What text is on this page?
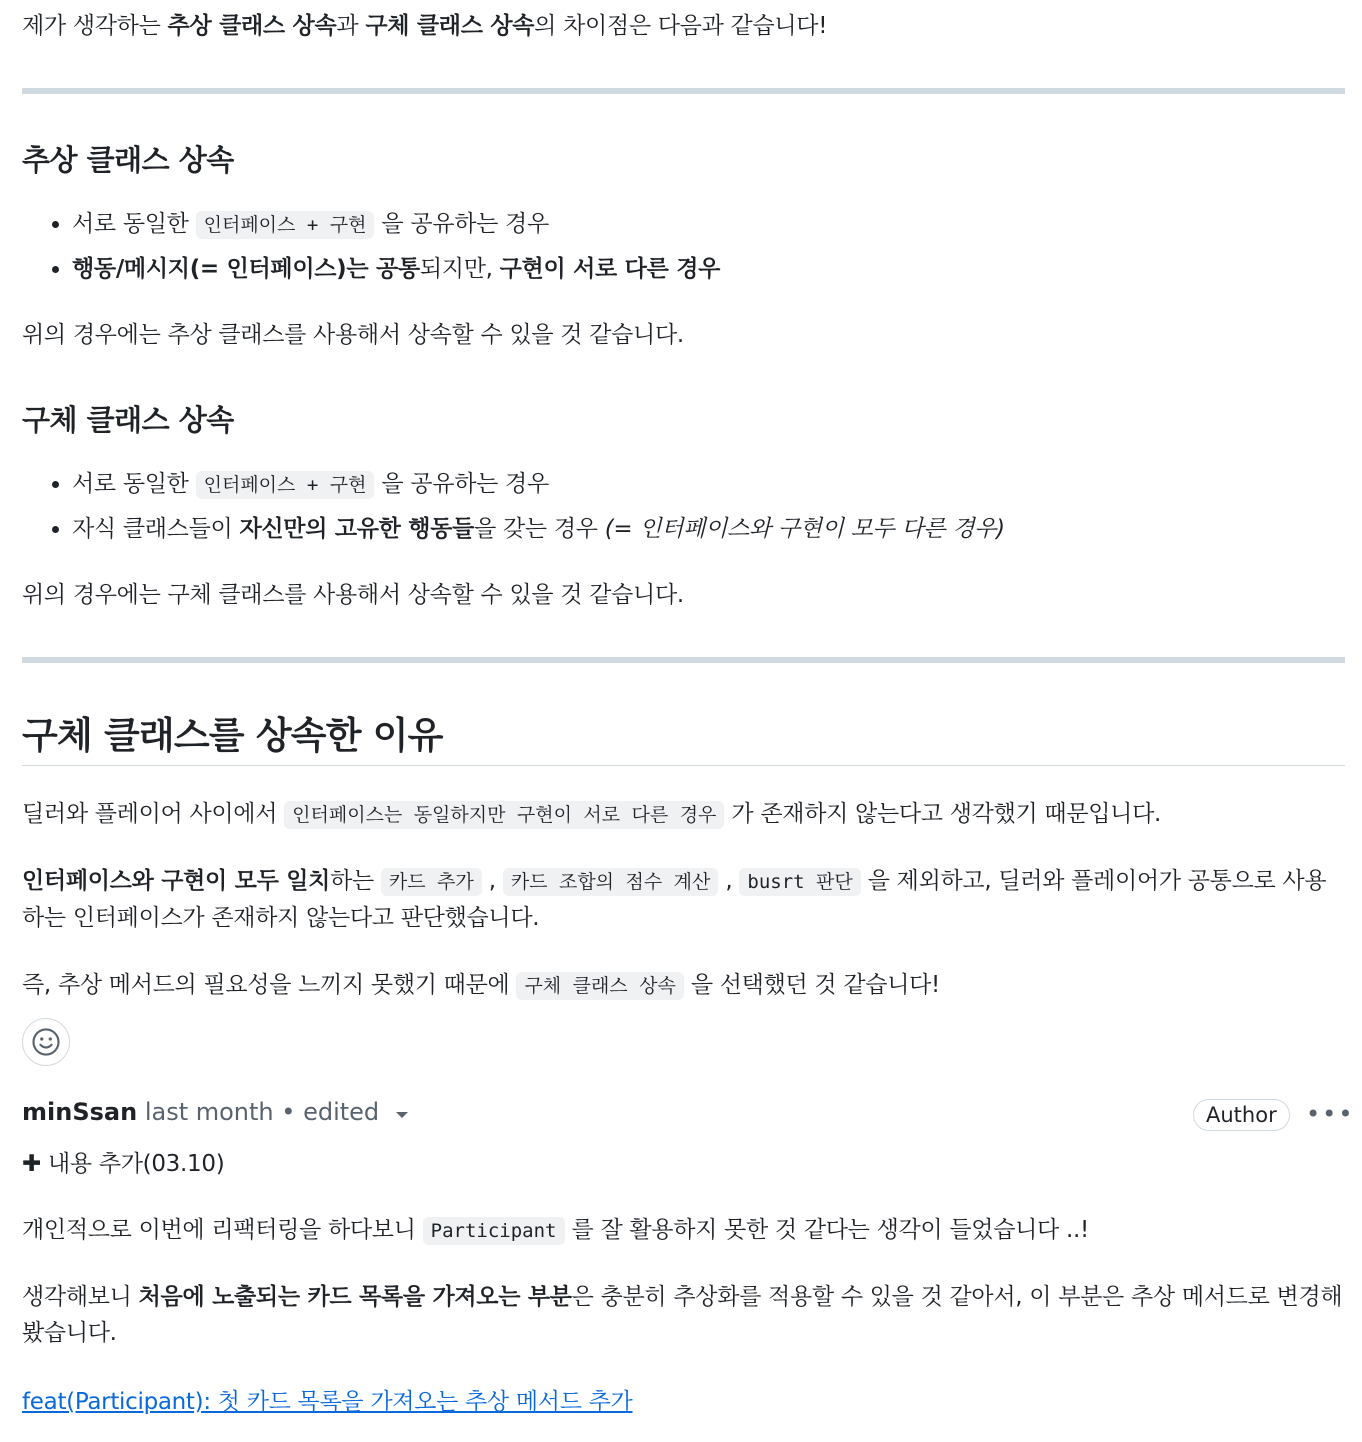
제가 생각하는 추상 클래스 상속과 구체 클래스 상속의 차이점은 다음과 같습니다!

추상 클래스 상속
• 서로 동일한 인터페이스 + 구현 을 공유하는 경우
• 행동/메시지(= 인터페이스)는 공통되지만, 구현이 서로 다른 경우

위의 경우에는 추상 클래스를 사용해서 상속할 수 있을 것 같습니다.

구체 클래스 상속
• 서로 동일한 인터페이스 + 구현 을 공유하는 경우
• 자식 클래스들이 자신만의 고유한 행동들을 갖는 경우 (= 인터페이스와 구현이 모두 다른 경우)

위의 경우에는 구체 클래스를 사용해서 상속할 수 있을 것 같습니다.

구체 클래스를 상속한 이유

딜러와 플레이어 사이에서 인터페이스는 동일하지만 구현이 서로 다른 경우 가 존재하지 않는다고 생각했기 때문입니다.

인터페이스와 구현이 모두 일치하는 카드 추가 , 카드 조합의 점수 계산 , busrt 판단 을 제외하고, 딜러와 플레이어가 공통으로 사용하는 인터페이스가 존재하지 않는다고 판단했습니다.

즉, 추상 메서드의 필요성을 느끼지 못했기 때문에 구체 클래스 상속 을 선택했던 것 같습니다!

minSsan last month • edited	Author	•••

✚ 내용 추가(03.10)

개인적으로 이번에 리팩터링을 하다보니 Participant 를 잘 활용하지 못한 것 같다는 생각이 들었습니다 ..!

생각해보니 처음에 노출되는 카드 목록을 가져오는 부분은 충분히 추상화를 적용할 수 있을 것 같아서, 이 부분은 추상 메서드로 변경해 봤습니다.

feat(Participant): 첫 카드 목록을 가져오는 추상 메서드 추가
